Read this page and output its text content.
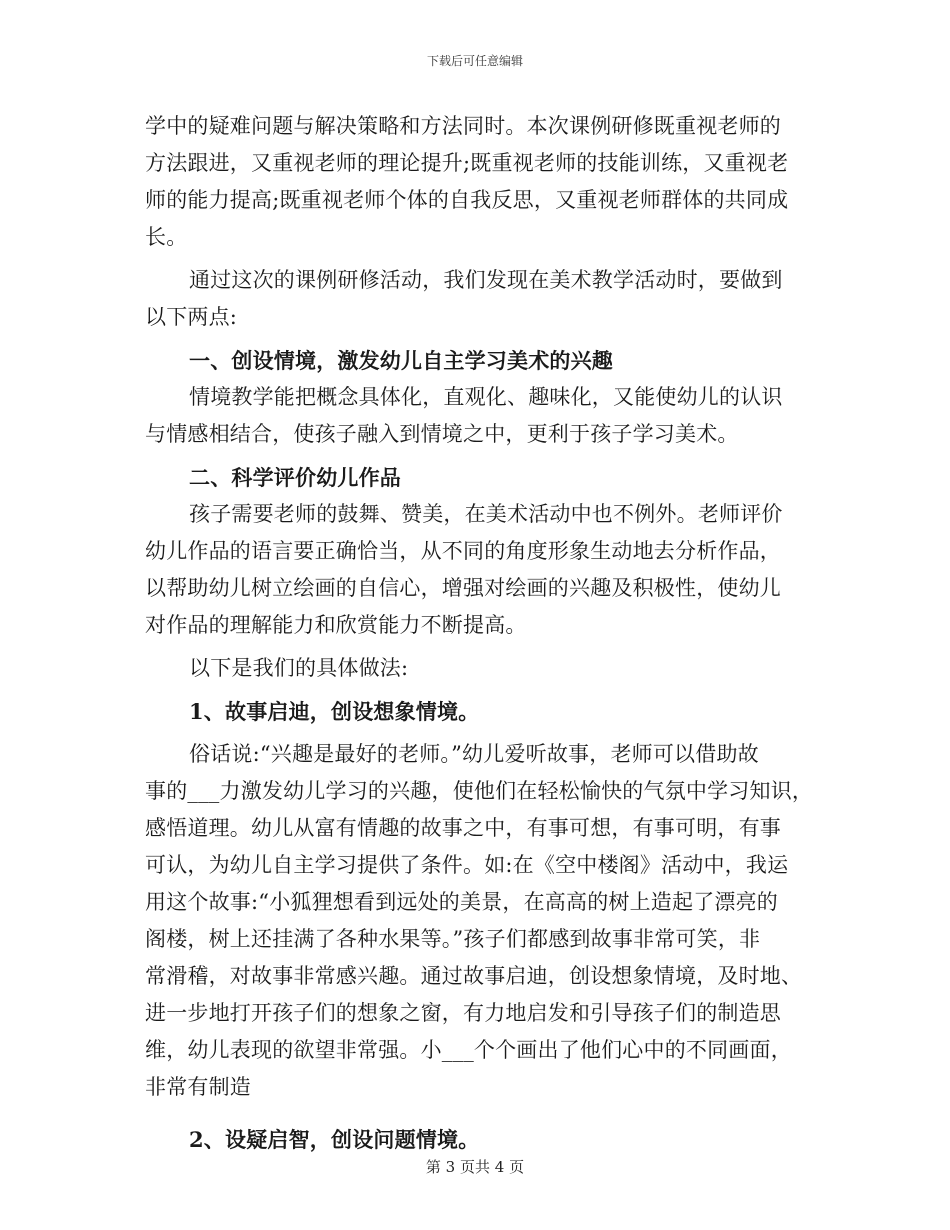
下载后可任意编辑
学中的疑难问题与解决策略和方法同时。本次课例研修既重视老师的
方法跟进，又重视老师的理论提升;既重视老师的技能训练，又重视老
师的能力提高;既重视老师个体的自我反思，又重视老师群体的共同成
长。
通过这次的课例研修活动，我们发现在美术教学活动时，要做到
以下两点:
一、创设情境，激发幼儿自主学习美术的兴趣
情境教学能把概念具体化，直观化、趣味化，又能使幼儿的认识
与情感相结合，使孩子融入到情境之中，更利于孩子学习美术。
二、科学评价幼儿作品
孩子需要老师的鼓舞、赞美，在美术活动中也不例外。老师评价
幼儿作品的语言要正确恰当，从不同的角度形象生动地去分析作品，
以帮助幼儿树立绘画的自信心，增强对绘画的兴趣及积极性，使幼儿
对作品的理解能力和欣赏能力不断提高。
以下是我们的具体做法:
1、故事启迪，创设想象情境。
俗话说:“兴趣是最好的老师。”幼儿爱听故事，老师可以借助故
事的___力激发幼儿学习的兴趣，使他们在轻松愉快的气氛中学习知识，
感悟道理。幼儿从富有情趣的故事之中，有事可想，有事可明，有事
可认，为幼儿自主学习提供了条件。如:在《空中楼阁》活动中，我运
用这个故事:“小狐狸想看到远处的美景，在高高的树上造起了漂亮的
阁楼，树上还挂满了各种水果等。”孩子们都感到故事非常可笑，非
常滑稽，对故事非常感兴趣。通过故事启迪，创设想象情境，及时地、
进一步地打开孩子们的想象之窗，有力地启发和引导孩子们的制造思
维，幼儿表现的欲望非常强。小___个个画出了他们心中的不同画面，
非常有制造
2、设疑启智，创设问题情境。
第 3 页共 4 页
